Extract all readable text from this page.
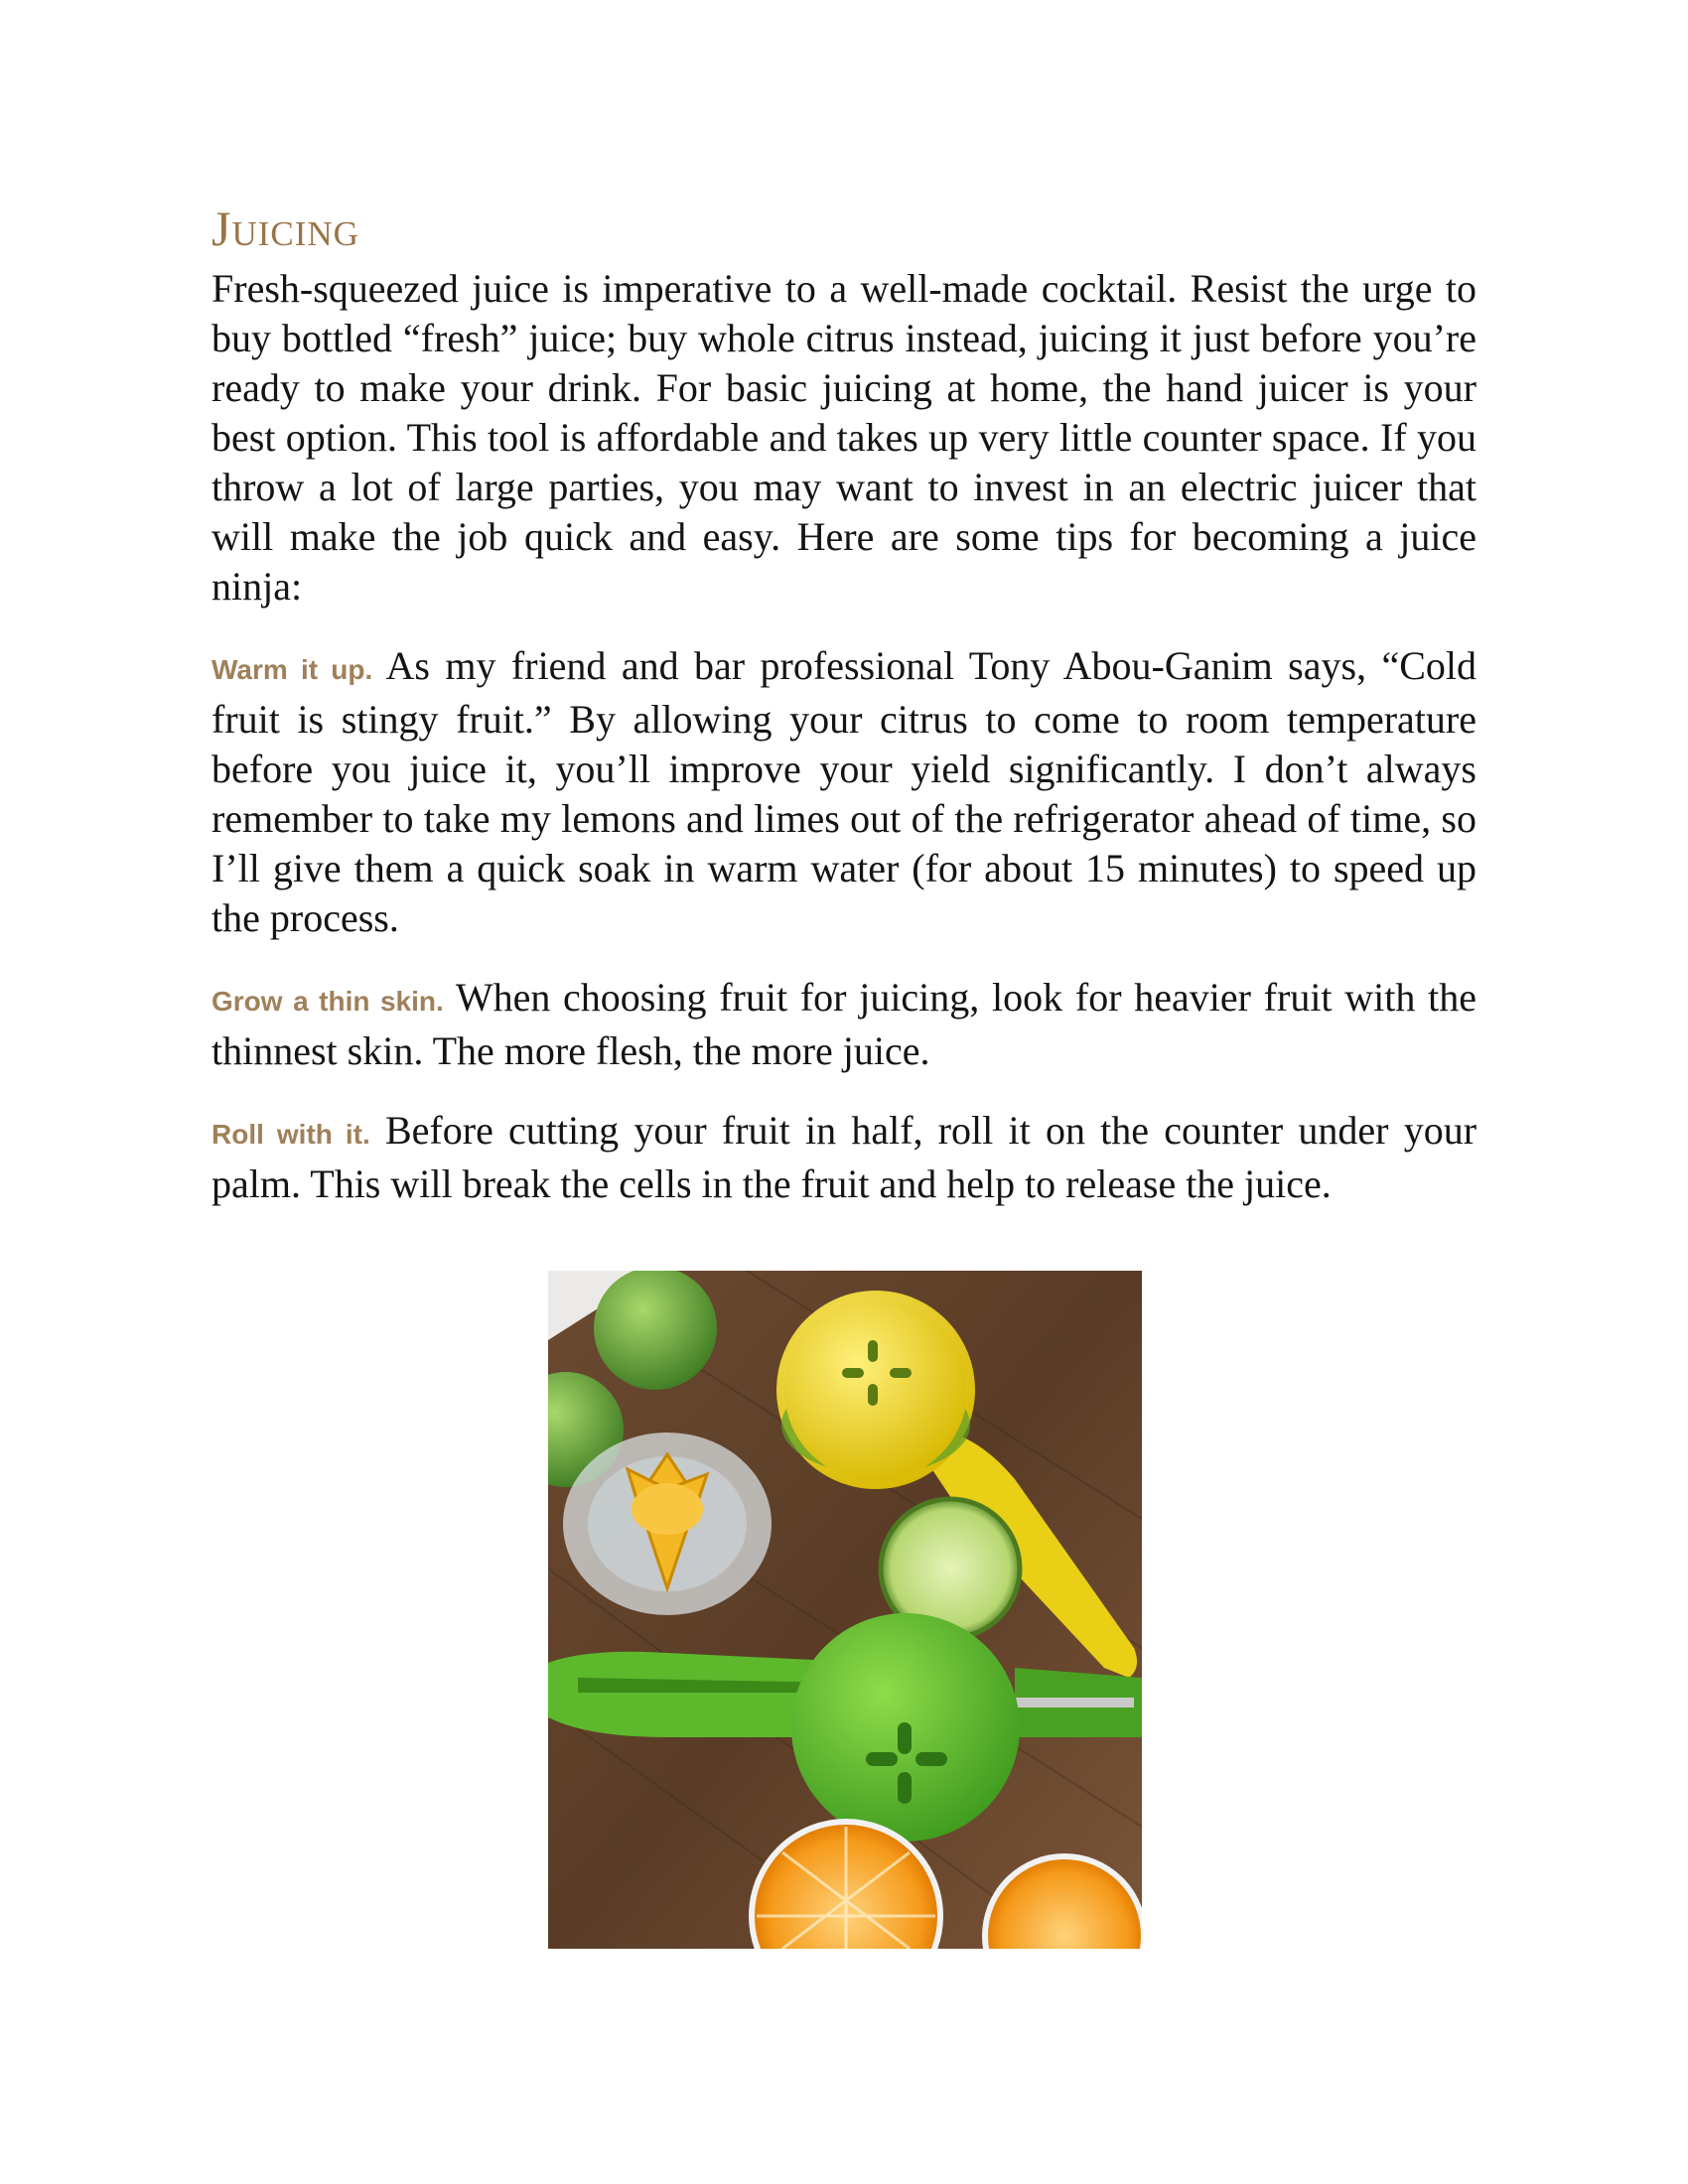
Juicing

Fresh-squeezed juice is imperative to a well-made cocktail. Resist the urge to buy bottled “fresh” juice; buy whole citrus instead, juicing it just before you’re ready to make your drink. For basic juicing at home, the hand juicer is your best option. This tool is affordable and takes up very little counter space. If you throw a lot of large parties, you may want to invest in an electric juicer that will make the job quick and easy. Here are some tips for becoming a juice ninja:

Warm it up. As my friend and bar professional Tony Abou-Ganim says, “Cold fruit is stingy fruit.” By allowing your citrus to come to room temperature before you juice it, you’ll improve your yield significantly. I don’t always remember to take my lemons and limes out of the refrigerator ahead of time, so I’ll give them a quick soak in warm water (for about 15 minutes) to speed up the process.

Grow a thin skin. When choosing fruit for juicing, look for heavier fruit with the thinnest skin. The more flesh, the more juice.

Roll with it. Before cutting your fruit in half, roll it on the counter under your palm. This will break the cells in the fruit and help to release the juice.
